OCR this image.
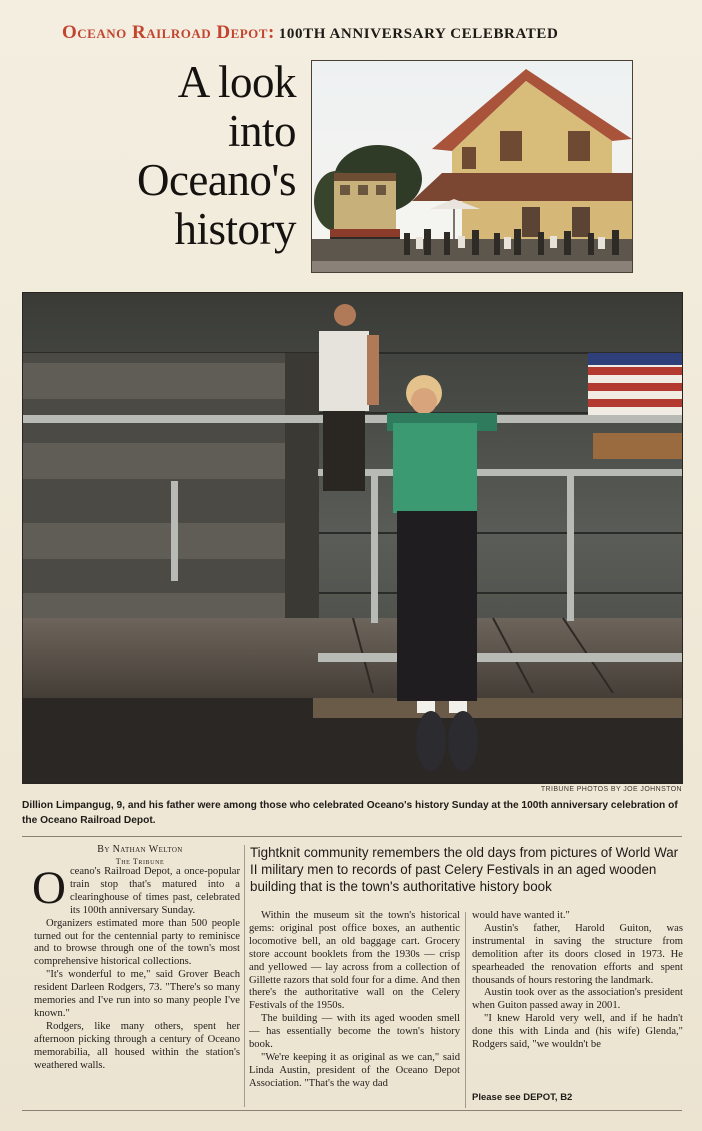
Oceano Railroad Depot: 100TH ANNIVERSARY CELEBRATED
A look
into
Oceano's
history
TRIBUNE PHOTOS BY JOE JOHNSTON
Dillion Limpangug, 9, and his father were among those who celebrated Oceano's history Sunday at the 100th anniversary celebration of the Oceano Railroad Depot.
By Nathan Welton
The Tribune
O ceano's Railroad Depot, a once-popular train stop that's matured into a clearinghouse of times past, celebrated its 100th anniversary Sunday.

Organizers estimated more than 500 people turned out for the centennial party to reminisce and to browse through one of the town's most comprehensive historical collections.

"It's wonderful to me," said Grover Beach resident Darleen Rodgers, 73. "There's so many memories and I've run into so many people I've known."

Rodgers, like many others, spent her afternoon picking through a century of Oceano memorabilia, all housed within the station's weathered walls.

Tightknit community remembers the old days from pictures of World War II military men to records of past Celery Festivals in an aged wooden building that is the town's authoritative history book

Within the museum sit the town's historical gems: original post office boxes, an authentic locomotive bell, an old baggage cart. Grocery store account booklets from the 1930s — crisp and yellowed — lay across from a collection of Gillette razors that sold four for a dime. And then there's the authoritative wall on the Celery Festivals of the 1950s.

The building — with its aged wooden smell — has essentially become the town's history book.

"We're keeping it as original as we can," said Linda Austin, president of the Oceano Depot Association. "That's the way dad

would have wanted it."

Austin's father, Harold Guiton, was instrumental in saving the structure from demolition after its doors closed in 1973. He spearheaded the renovation efforts and spent thousands of hours restoring the landmark.

Austin took over as the association's president when Guiton passed away in 2001.

"I knew Harold very well, and if he hadn't done this with Linda and (his wife) Glenda," Rodgers said, "we wouldn't be

Please see DEPOT, B2
